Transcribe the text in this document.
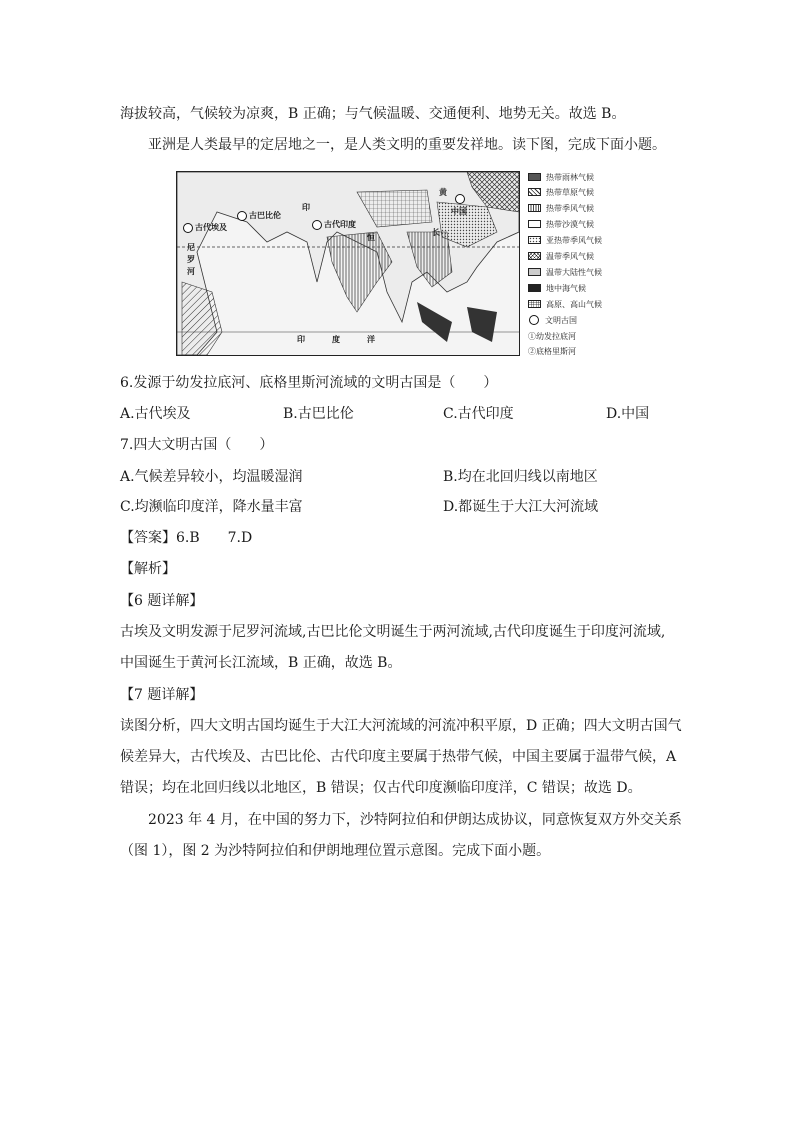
海拔较高，气候较为凉爽，B 正确；与气候温暖、交通便利、地势无关。故选 B。
亚洲是人类最早的定居地之一，是人类文明的重要发祥地。读下图，完成下面小题。
古代埃及
古巴比伦
古代印度
中国
印	度	洋
尼
罗
河
印
恒	长
黄
热带雨林气候
热带草原气候
热带季风气候
热带沙漠气候
亚热带季风气候
温带季风气候
温带大陆性气候
地中海气候
高原、高山气候
文明古国
①幼发拉底河
②底格里斯河
6.发源于幼发拉底河、底格里斯河流域的文明古国是（　　）
A.古代埃及	B.古巴比伦	C.古代印度	D.中国
7.四大文明古国（　　）
A.气候差异较小，均温暖湿润	B.均在北回归线以南地区
C.均濒临印度洋，降水量丰富	D.都诞生于大江大河流域
【答案】6.B　　7.D
【解析】
【6 题详解】
古埃及文明发源于尼罗河流域,古巴比伦文明诞生于两河流域,古代印度诞生于印度河流域,
中国诞生于黄河长江流域，B 正确，故选 B。
【7 题详解】
读图分析，四大文明古国均诞生于大江大河流域的河流冲积平原，D 正确；四大文明古国气
候差异大，古代埃及、古巴比伦、古代印度主要属于热带气候，中国主要属于温带气候，A
错误；均在北回归线以北地区，B 错误；仅古代印度濒临印度洋，C 错误；故选 D。
2023 年 4 月，在中国的努力下，沙特阿拉伯和伊朗达成协议，同意恢复双方外交关系
（图 1），图 2 为沙特阿拉伯和伊朗地理位置示意图。完成下面小题。
